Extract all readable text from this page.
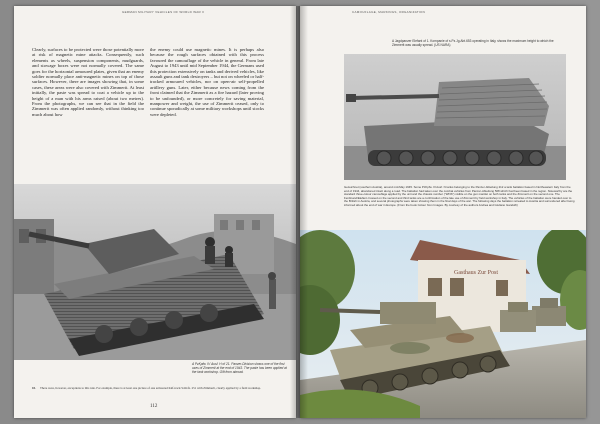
GERMAN MILITARY VEHICLES OF WORLD WAR II

Clearly, surfaces to be protected were those potentially more at risk of magnetic mine attacks. Consequently, such elements as wheels, suspension components, mudguards, and stowage boxes were not normally covered. The same goes for the horizontal armoured plates, given that an enemy soldier normally place anti-magnetic mines on top of those surfaces. However, there are images showing that, in some cases, these areas were also covered with Zimmerit. At least initially, the paste was spread to coat a vehicle up to the height of a man with his arms raised (about two metres). From the photographs, we can see that in the field the Zimmerit was often applied randomly, without thinking too much about how

the enemy could use magnetic mines. It is perhaps also because the rough surfaces obtained with this process favoured the camouflage of the vehicle in general. From late August to 1943 until mid September 1944, the Germans used this protection extensively on tanks and derived vehicles, like assault guns and tank destroyers – but not on wheeled or half-tracked armoured vehicles, nor on open-air self-propelled artillery guns. Later, either because news coming from the front claimed that the Zimmerit as a fire hazard (later proving to be unfounded), or more concretely for saving material, manpower and weight, the use of Zimmerit ceased, only to continue sporadically at some military workshops until stocks were depleted.

A PzKpfw. IV Ausf. H of 21. Panzer-Division shows one of the first uses of Zimmerit at the end of 1943. The paste has been applied at the tank workshop. Gift from abroad.

10. There were, however, exceptions to this rule. For example, there is at least one picture of one armoured half-track Sd.Kfz. 251 with Zimmerit, clearly applied by a field workshop.

112
CAMOUFLAGE, MARKINGS, ORGANIZATION

A Jagdpanzer Elefant of 1. Kompanie of s.Pz.Jg.Abt.653 operating in Italy, shows the maximum height to which the Zimmerit was usually spread. (US NARA)

Gezeichnet (southern Austria), around mid-May 1945. Some PzKpfw. III Ausf. N tanks belonging to the Panzer-Abteilung 212 a tank battalion based in Northeastern Italy from the end of 1944, abandoned intact along a road. The battalion had taken over the combat vehicles from Panzer-Abteilung 508 which had been based in the region. Noteworthy are the standard three-colour camouflage applied by the unit and the chassis number ("WNS") visible on the gun mantlet on both tanks and the Zimmerit on the second one. The Ferdinand/Elefant crossed on the second and third tanks are a confirmation of the late use of Zimmerit by field workshop in Italy. The vehicles of the battalion were handed over to the British in Austria, and several photographs were taken showing them in the final days of the war. The following days the battalion retreated to Austria and surrendered after being informed about the end of war in Europe. (From the book Colour from Images. By courtesy of the authors Andrea and Giuliano Gandolfi)

Gasthaus Zur Post
